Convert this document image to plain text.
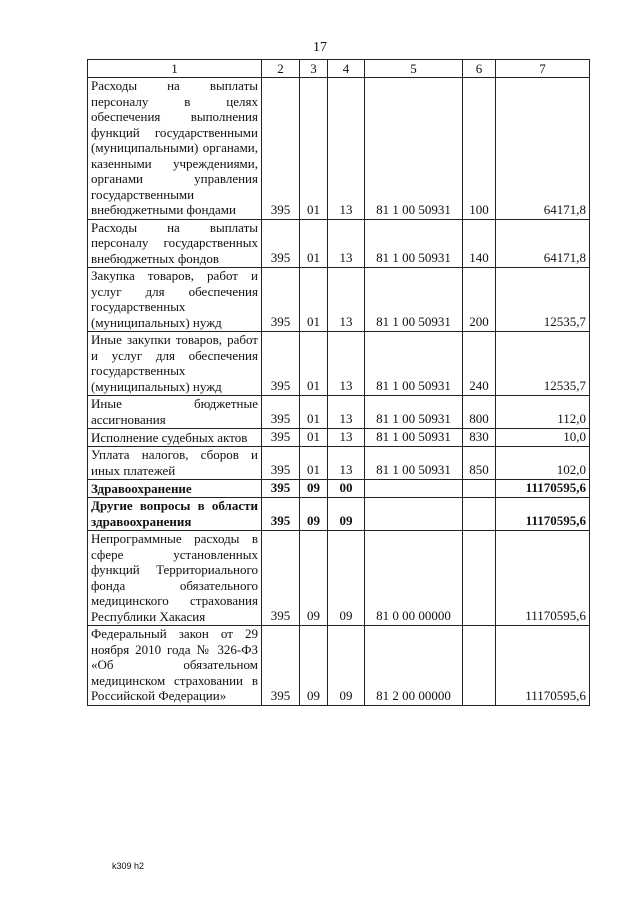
17
1	2	3	4	5	6	7
Расходы на выплаты персоналу в целях обеспечения выполнения функций государственными (муниципальными) органами, казенными учреждениями, органами управления государственными внебюджетными фондами	395	01	13	81 1 00 50931	100	64171,8
Расходы на выплаты персоналу государственных внебюджетных фондов	395	01	13	81 1 00 50931	140	64171,8
Закупка товаров, работ и услуг для обеспечения государственных (муниципальных) нужд	395	01	13	81 1 00 50931	200	12535,7
Иные закупки товаров, работ и услуг для обеспечения государственных (муниципальных) нужд	395	01	13	81 1 00 50931	240	12535,7
Иные бюджетные ассигнования	395	01	13	81 1 00 50931	800	112,0
Исполнение судебных актов	395	01	13	81 1 00 50931	830	10,0
Уплата налогов, сборов и иных платежей	395	01	13	81 1 00 50931	850	102,0
Здравоохранение	395	09	00			11170595,6
Другие вопросы в области здравоохранения	395	09	09			11170595,6
Непрограммные расходы в сфере установленных функций Территориального фонда обязательного медицинского страхования Республики Хакасия	395	09	09	81 0 00 00000		11170595,6
Федеральный закон от 29 ноября 2010 года № 326-ФЗ «Об обязательном медицинском страховании в Российской Федерации»	395	09	09	81 2 00 00000		11170595,6
k309 h2
